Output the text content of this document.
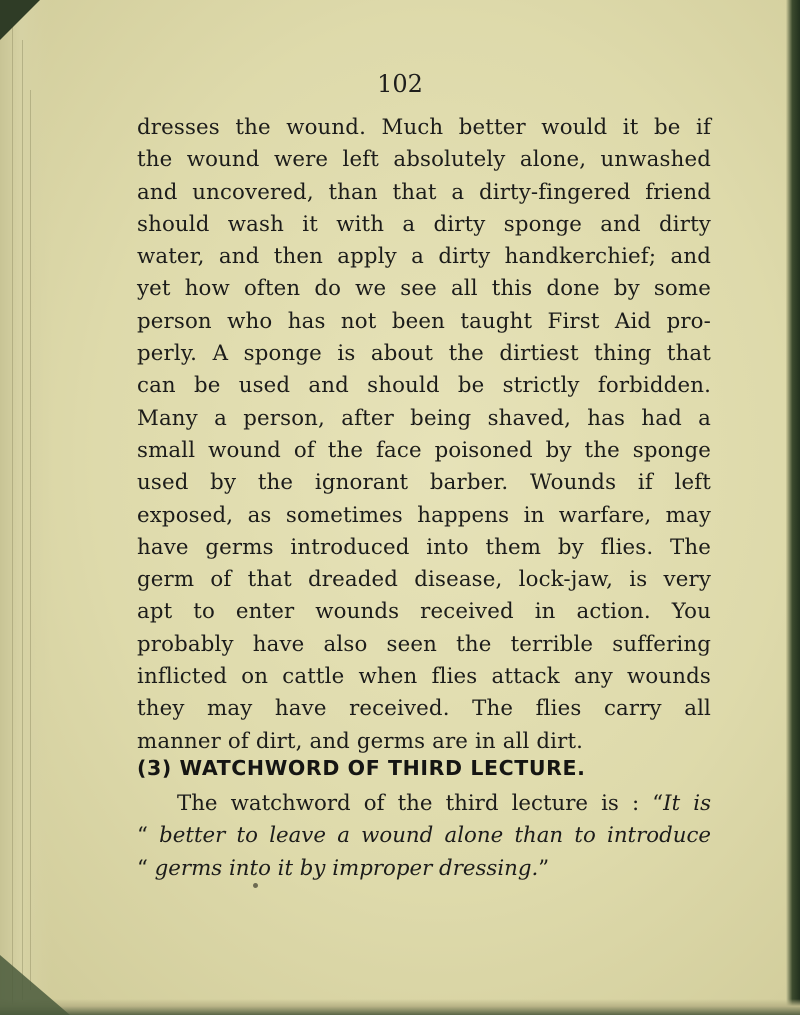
102
dresses the wound. Much better would it be if
the wound were left absolutely alone, unwashed
and uncovered, than that a dirty-fingered friend
should wash it with a dirty sponge and dirty
water, and then apply a dirty handkerchief; and
yet how often do we see all this done by some
person who has not been taught First Aid pro-
perly. A sponge is about the dirtiest thing that
can be used and should be strictly forbidden.
Many a person, after being shaved, has had a
small wound of the face poisoned by the sponge
used by the ignorant barber. Wounds if left
exposed, as sometimes happens in warfare, may
have germs introduced into them by flies. The
germ of that dreaded disease, lock-jaw, is very
apt to enter wounds received in action. You
probably have also seen the terrible suffering
inflicted on cattle when flies attack any wounds
they may have received. The flies carry all
manner of dirt, and germs are in all dirt.
(3) WATCHWORD OF THIRD LECTURE.
The watchword of the third lecture is : “It is
“ better to leave a wound alone than to introduce
“ germs into it by improper dressing.”
